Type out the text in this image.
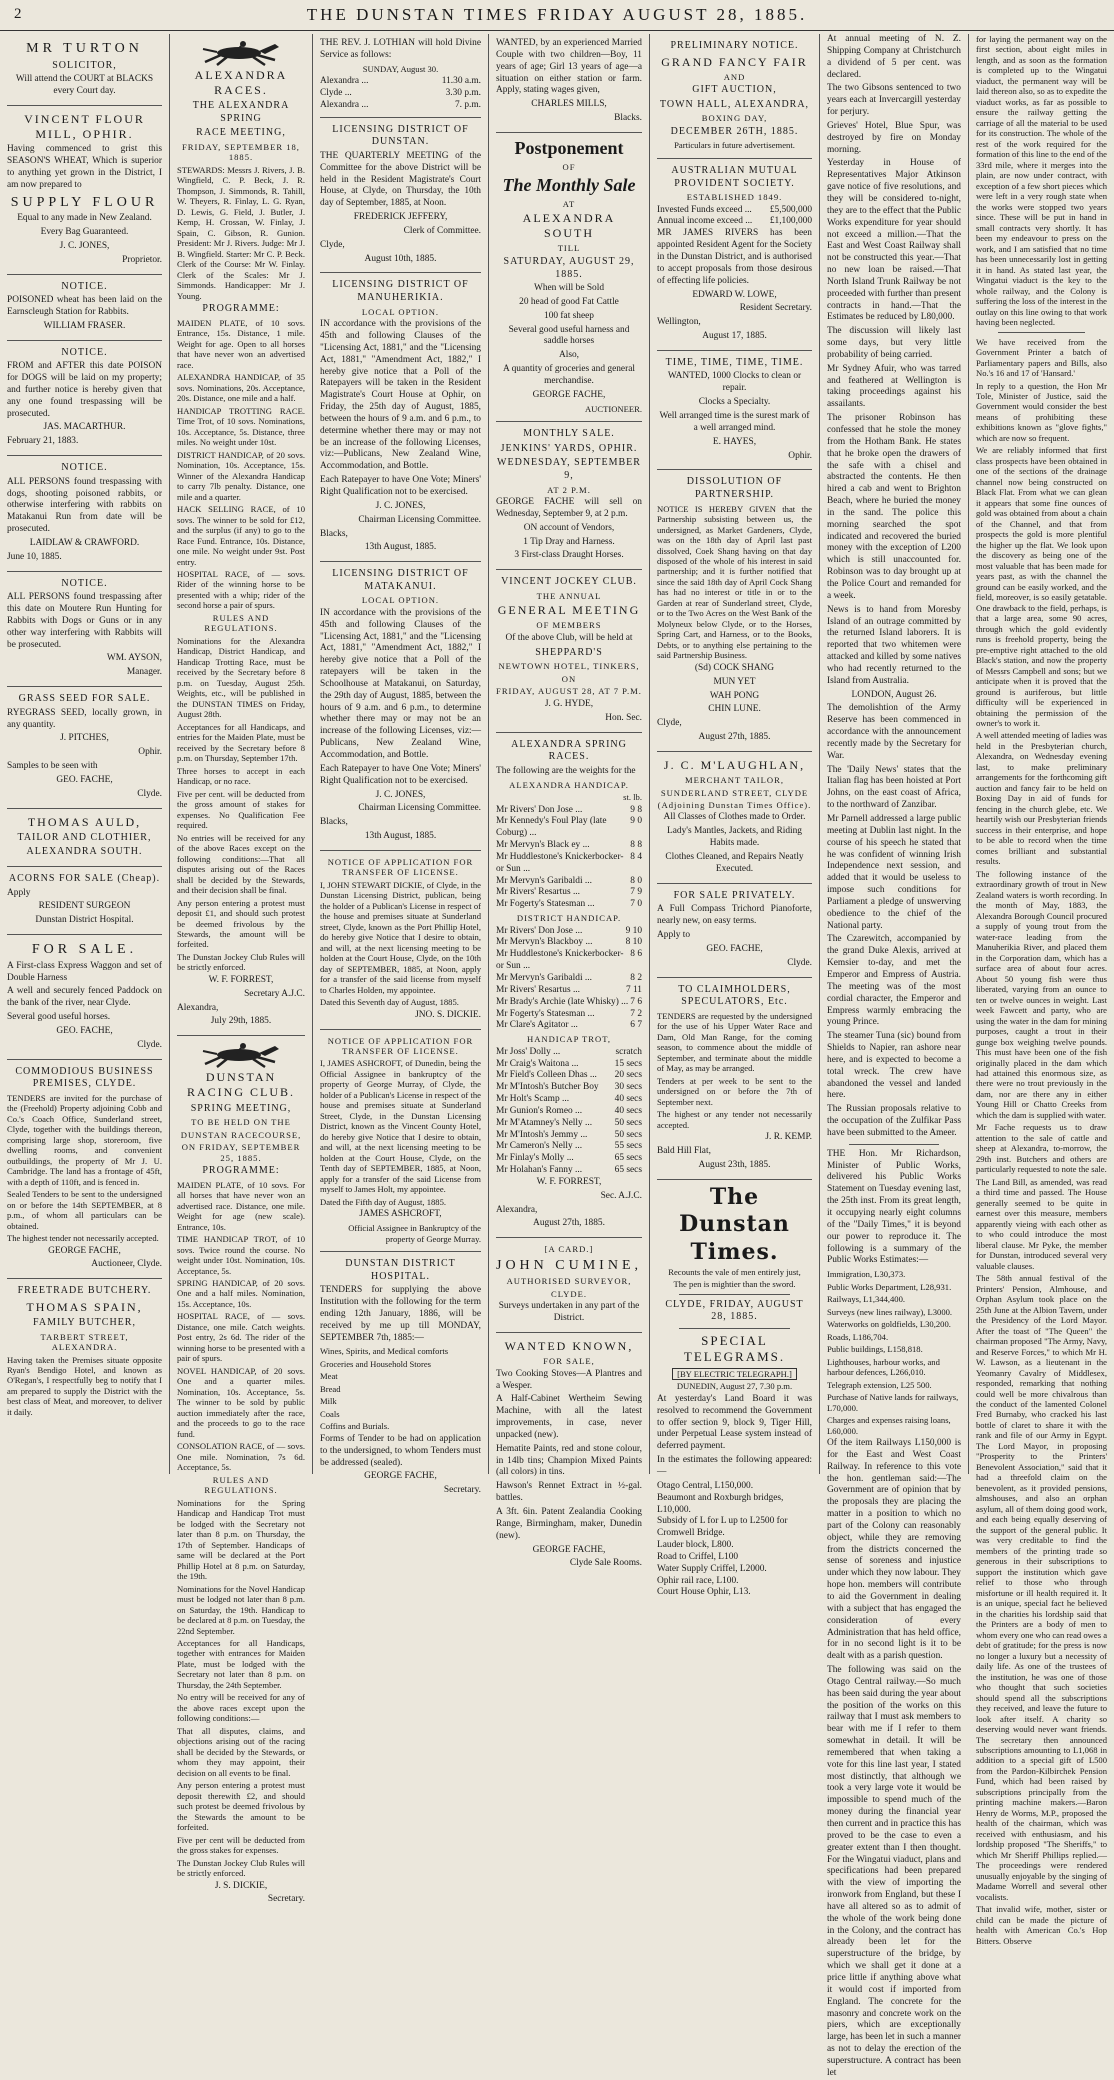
2	THE DUNSTAN TIMES FRIDAY AUGUST 28, 1885.
MR TURTON
SOLICITOR,

Will attend the COURT at BLACKS every Court day.

VINCENT FLOUR MILL, OPHIR.

Having commenced to grist this SEASON'S WHEAT, Which is superior to anything yet grown in the District, I am now prepared to

SUPPLY FLOUR

Equal to any made in New Zealand.

Every Bag Guaranteed.

J. C. JONES,

Proprietor.

NOTICE.

POISONED wheat has been laid on the Earnscleugh Station for Rabbits.

WILLIAM FRASER.

NOTICE.

FROM and AFTER this date POISON for DOGS will be laid on my property; and further notice is hereby given that any one found trespassing will be prosecuted.

JAS. MACARTHUR.

February 21, 1883.

NOTICE.

ALL PERSONS found trespassing with dogs, shooting poisoned rabbits, or otherwise interfering with rabbits on Matakanui Run from date will be prosecuted.

LAIDLAW & CRAWFORD.

June 10, 1885.

NOTICE.

ALL PERSONS found trespassing after this date on Moutere Run Hunting for Rabbits with Dogs or Guns or in any other way interfering with Rabbits will be prosecuted.

WM. AYSON,

Manager.

GRASS SEED FOR SALE.

RYEGRASS SEED, locally grown, in any quantity.

J. PITCHES,

Ophir.

Samples to be seen with

GEO. FACHE,

Clyde.

THOMAS AULD,
TAILOR AND CLOTHIER,
ALEXANDRA SOUTH.
ACORNS FOR SALE (Cheap).

Apply

RESIDENT SURGEON

Dunstan District Hospital.

FOR SALE.

A First-class Express Waggon and set of Double Harness

A well and securely fenced Paddock on the bank of the river, near Clyde.

Several good useful horses.

GEO. FACHE,

Clyde.

COMMODIOUS BUSINESS PREMISES, CLYDE.

TENDERS are invited for the purchase of the (Freehold) Property adjoining Cobb and Co.'s Coach Office, Sunderland street, Clyde, together with the buildings thereon, comprising large shop, storeroom, five dwelling rooms, and convenient outbuildings, the property of Mr J. U. Cambridge. The land has a frontage of 45ft, with a depth of 110ft, and is fenced in.

Sealed Tenders to be sent to the undersigned on or before the 14th SEPTEMBER, at 8 p.m., of whom all particulars can be obtained.

The highest tender not necessarily accepted.

GEORGE FACHE,

Auctioneer, Clyde.

FREETRADE BUTCHERY.
THOMAS SPAIN,
FAMILY BUTCHER,
TARBERT STREET, ALEXANDRA.

Having taken the Premises situate opposite Ryan's Bendigo Hotel, and known as O'Regan's, I respectfully beg to notify that I am prepared to supply the District with the best class of Meat, and moreover, to deliver it daily.

ALEXANDRA RACES.
THE ALEXANDRA SPRING
RACE MEETING,
FRIDAY, SEPTEMBER 18, 1885.

STEWARDS: Messrs J. Rivers, J. B. Wingfield, C. P. Beck, J. R. Thompson, J. Simmonds, R. Tahill, W. Theyers, R. Finlay, L. G. Ryan, D. Lewis, G. Field, J. Butler, J. Kemp, H. Crossan, W. Finlay, J. Spain, C. Gibson, R. Gunion. President: Mr J. Rivers. Judge: Mr J. B. Wingfield. Starter: Mr C. P. Beck. Clerk of the Course: Mr W. Finlay. Clerk of the Scales: Mr J. Simmonds. Handicapper: Mr J. Young.

PROGRAMME:

MAIDEN PLATE, of 10 sovs. Entrance, 15s. Distance, 1 mile. Weight for age. Open to all horses that have never won an advertised race.

ALEXANDRA HANDICAP, of 35 sovs. Nominations, 20s. Acceptance, 20s. Distance, one mile and a half.

HANDICAP TROTTING RACE. Time Trot, of 10 sovs. Nominations, 10s. Acceptance, 5s. Distance, three miles. No weight under 10st.

DISTRICT HANDICAP, of 20 sovs. Nomination, 10s. Acceptance, 15s. Winner of the Alexandra Handicap to carry 7lb penalty. Distance, one mile and a quarter.

HACK SELLING RACE, of 10 sovs. The winner to be sold for £12, and the surplus (if any) to go to the Race Fund. Entrance, 10s. Distance, one mile. No weight under 9st. Post entry.

HOSPITAL RACE, of — sovs. Rider of the winning horse to be presented with a whip; rider of the second horse a pair of spurs.

RULES AND REGULATIONS.

Nominations for the Alexandra Handicap, District Handicap, and Handicap Trotting Race, must be received by the Secretary before 8 p.m. on Tuesday, August 25th. Weights, etc., will be published in the DUNSTAN TIMES on Friday, August 28th.

Acceptances for all Handicaps, and entries for the Maiden Plate, must be received by the Secretary before 8 p.m. on Thursday, September 17th.

Three horses to accept in each Handicap, or no race.

Five per cent. will be deducted from the gross amount of stakes for expenses. No Qualification Fee required.

No entries will be received for any of the above Races except on the following conditions:—That all disputes arising out of the Races shall be decided by the Stewards, and their decision shall be final.

Any person entering a protest must deposit £1, and should such protest be deemed frivolous by the Stewards, the amount will be forfeited.

The Dunstan Jockey Club Rules will be strictly enforced.

W. F. FORREST,

Secretary A.J.C.

Alexandra,

July 29th, 1885.

DUNSTAN RACING CLUB.
SPRING MEETING,
TO BE HELD ON THE
DUNSTAN RACECOURSE,
ON FRIDAY, SEPTEMBER 25, 1885.
PROGRAMME:

MAIDEN PLATE, of 10 sovs. For all horses that have never won an advertised race. Distance, one mile. Weight for age (new scale). Entrance, 10s.

TIME HANDICAP TROT, of 10 sovs. Twice round the course. No weight under 10st. Nomination, 10s. Acceptance, 5s.

SPRING HANDICAP, of 20 sovs. One and a half miles. Nomination, 15s. Acceptance, 10s.

HOSPITAL RACE, of — sovs. Distance, one mile. Catch weights. Post entry, 2s 6d. The rider of the winning horse to be presented with a pair of spurs.

NOVEL HANDICAP, of 20 sovs. One and a quarter miles. Nomination, 10s. Acceptance, 5s. The winner to be sold by public auction immediately after the race, and the proceeds to go to the race fund.

CONSOLATION RACE, of — sovs. One mile. Nomination, 7s 6d. Acceptance, 5s.

RULES AND REGULATIONS.

Nominations for the Spring Handicap and Handicap Trot must be lodged with the Secretary not later than 8 p.m. on Thursday, the 17th of September. Handicaps of same will be declared at the Port Phillip Hotel at 8 p.m. on Saturday, the 19th.

Nominations for the Novel Handicap must be lodged not later than 8 p.m. on Saturday, the 19th. Handicap to be declared at 8 p.m. on Tuesday, the 22nd September.

Acceptances for all Handicaps, together with entrances for Maiden Plate, must be lodged with the Secretary not later than 8 p.m. on Thursday, the 24th September.

No entry will be received for any of the above races except upon the following conditions:—

That all disputes, claims, and objections arising out of the racing shall be decided by the Stewards, or whom they may appoint, their decision on all events to be final.

Any person entering a protest must deposit therewith £2, and should such protest be deemed frivolous by the Stewards the amount to be forfeited.

Five per cent will be deducted from the gross stakes for expenses.

The Dunstan Jockey Club Rules will be strictly enforced.

J. S. DICKIE,

Secretary.

THE REV. J. LOTHIAN will hold Divine Service as follows:

SUNDAY, August 30.

Alexandra ...	11.30 a.m.
Clyde ...	3.30 p.m.
Alexandra ...	7. p.m.
LICENSING DISTRICT OF DUNSTAN.

THE QUARTERLY MEETING of the Committee for the above District will be held in the Resident Magistrate's Court House, at Clyde, on Thursday, the 10th day of September, 1885, at Noon.

FREDERICK JEFFERY,

Clerk of Committee.

Clyde,

August 10th, 1885.

LICENSING DISTRICT OF MANUHERIKIA.
LOCAL OPTION.

IN accordance with the provisions of the 45th and following Clauses of the "Licensing Act, 1881," and the "Licensing Act, 1881," "Amendment Act, 1882," I hereby give notice that a Poll of the Ratepayers will be taken in the Resident Magistrate's Court House at Ophir, on Friday, the 25th day of August, 1885, between the hours of 9 a.m. and 6 p.m., to determine whether there may or may not be an increase of the following Licenses, viz:—Publicans, New Zealand Wine, Accommodation, and Bottle.

Each Ratepayer to have One Vote; Miners' Right Qualification not to be exercised.

J. C. JONES,

Chairman Licensing Committee.

Blacks,

13th August, 1885.

LICENSING DISTRICT OF MATAKANUI.
LOCAL OPTION.

IN accordance with the provisions of the 45th and following Clauses of the "Licensing Act, 1881," and the "Licensing Act, 1881," "Amendment Act, 1882," I hereby give notice that a Poll of the ratepayers will be taken in the Schoolhouse at Matakanui, on Saturday, the 29th day of August, 1885, between the hours of 9 a.m. and 6 p.m., to determine whether there may or may not be an increase of the following Licenses, viz:—Publicans, New Zealand Wine, Accommodation, and Bottle.

Each Ratepayer to have One Vote; Miners' Right Qualification not to be exercised.

J. C. JONES,

Chairman Licensing Committee.

Blacks,

13th August, 1885.

NOTICE OF APPLICATION FOR TRANSFER OF LICENSE.

I, JOHN STEWART DICKIE, of Clyde, in the Dunstan Licensing District, publican, being the holder of a Publican's License in respect of the house and premises situate at Sunderland street, Clyde, known as the Port Phillip Hotel, do hereby give Notice that I desire to obtain, and will, at the next licensing meeting to be holden at the Court House, Clyde, on the 10th day of SEPTEMBER, 1885, at Noon, apply for a transfer of the said license from myself to Charles Holden, my appointee.

Dated this Seventh day of August, 1885.

JNO. S. DICKIE.

NOTICE OF APPLICATION FOR TRANSFER OF LICENSE.

I, JAMES ASHCROFT, of Dunedin, being the Official Assignee in bankruptcy of the property of George Murray, of Clyde, the holder of a Publican's License in respect of the house and premises situate at Sunderland Street, Clyde, in the Dunstan Licensing District, known as the Vincent County Hotel, do hereby give Notice that I desire to obtain, and will, at the next licensing meeting to be holden at the Court House, Clyde, on the Tenth day of SEPTEMBER, 1885, at Noon, apply for a transfer of the said License from myself to James Holt, my appointee.

Dated the Fifth day of August, 1885.

JAMES ASHCROFT,

Official Assignee in Bankruptcy of the property of George Murray.

DUNSTAN DISTRICT HOSPITAL.

TENDERS for supplying the above Institution with the following for the term ending 12th January, 1886, will be received by me up till MONDAY, SEPTEMBER 7th, 1885:—

Wines, Spirits, and Medical comforts

Groceries and Household Stores

Meat

Bread

Milk

Coals

Coffins and Burials.

Forms of Tender to be had on application to the undersigned, to whom Tenders must be addressed (sealed).

GEORGE FACHE,

Secretary.

WANTED, by an experienced Married Couple with two children—Boy, 11 years of age; Girl 13 years of age—a situation on either station or farm. Apply, stating wages given,

CHARLES MILLS,

Blacks.

Postponement
OF
The Monthly Sale
AT
ALEXANDRA SOUTH
TILL
SATURDAY, AUGUST 29, 1885.

When will be Sold

20 head of good Fat Cattle

100 fat sheep

Several good useful harness and saddle horses

Also,

A quantity of groceries and general merchandise.

GEORGE FACHE,

AUCTIONEER.

MONTHLY SALE.
JENKINS' YARDS, OPHIR.
WEDNESDAY, SEPTEMBER 9,
AT 2 P.M.

GEORGE FACHE will sell on Wednesday, September 9, at 2 p.m.

ON account of Vendors,

1 Tip Dray and Harness.

3 First-class Draught Horses.

VINCENT JOCKEY CLUB.
THE ANNUAL
GENERAL MEETING
OF MEMBERS

Of the above Club, will be held at

SHEPPARD'S
NEWTOWN HOTEL, TINKERS,
ON
FRIDAY, AUGUST 28, AT 7 P.M.

J. G. HYDE,

Hon. Sec.

ALEXANDRA SPRING RACES.

The following are the weights for the

ALEXANDRA HANDICAP.

st. lb.

Mr Rivers' Don Jose ...	9 8
Mr Kennedy's Foul Play (late Coburg) ...
9 0
Mr Mervyn's Black ey ...	8 8
Mr Huddlestone's Knickerbocker-or Sun ...
8 4
Mr Mervyn's Garibaldi ...	8 0
Mr Rivers' Resartus ...	7 9
Mr Fogerty's Statesman ...	7 0
DISTRICT HANDICAP.
Mr Rivers' Don Jose ...	9 10
Mr Mervyn's Blackboy ...	8 10
Mr Huddlestone's Knickerbocker-or Sun ...
8 6
Mr Mervyn's Garibaldi ...	8 2
Mr Rivers' Resartus ...	7 11
Mr Brady's Archie (late Whisky) ... 7 6
Mr Fogerty's Statesman ...	7 2
Mr Clare's Agitator ...	6 7
HANDICAP TROT,
Mr Joss' Dolly ...	scratch
Mr Craig's Waitona ...	15 secs
Mr Field's Colleen Dhas ... 20 secs
Mr M'Intosh's Butcher Boy 30 secs
Mr Holt's Scamp ...	40 secs
Mr Gunion's Romeo ...	40 secs
Mr M'Atamney's Nelly ... 50 secs
Mr M'Intosh's Jemmy ...	50 secs
Mr Cameron's Nelly ...	55 secs
Mr Finlay's Molly ...	65 secs
Mr Holahan's Fanny ...	65 secs

W. F. FORREST,

Sec. A.J.C.

Alexandra,

August 27th, 1885.

[A CARD.]
JOHN CUMINE,
AUTHORISED SURVEYOR,
CLYDE.

Surveys undertaken in any part of the District.

WANTED KNOWN,
FOR SALE,

Two Cooking Stoves—A Plantres and a Wesper.

A Half-Cabinet Wertheim Sewing Machine, with all the latest improvements, in case, never unpacked (new).

Hematite Paints, red and stone colour, in 14lb tins; Champion Mixed Paints (all colors) in tins.

Hawson's Rennet Extract in ½-gal. battles.

A 3ft. 6in. Patent Zealandia Cooking Range, Birmingham, maker, Dunedin (new).

GEORGE FACHE,

Clyde Sale Rooms.

PRELIMINARY NOTICE.
GRAND FANCY FAIR
AND
GIFT AUCTION,
TOWN HALL, ALEXANDRA,
BOXING DAY,
DECEMBER 26TH, 1885.

Particulars in future advertisement.

AUSTRALIAN MUTUAL PROVIDENT SOCIETY.
ESTABLISHED 1849.
Invested Funds exceed ... £5,500,000
Annual income exceed ... £1,100,000

MR JAMES RIVERS has been appointed Resident Agent for the Society in the Dunstan District, and is authorised to accept proposals from those desirous of effecting life policies.

EDWARD W. LOWE,

Resident Secretary.

Wellington,

August 17, 1885.

TIME, TIME, TIME, TIME.

WANTED, 1000 Clocks to clean or repair.

Clocks a Specialty.

Well arranged time is the surest mark of a well arranged mind.

E. HAYES,

Ophir.

DISSOLUTION OF PARTNERSHIP.

NOTICE IS HEREBY GIVEN that the Partnership subsisting between us, the undersigned, as Market Gardeners, Clyde, was on the 18th day of April last past dissolved, Coek Shang having on that day disposed of the whole of his interest in said partnership; and it is further notified that since the said 18th day of April Cock Shang has had no interest or title in or to the Garden at rear of Sunderland street, Clyde, or to the Two Acres on the West Bank of the Molyneux below Clyde, or to the Horses, Spring Cart, and Harness, or to the Books, Debts, or to anything else pertaining to the said Partnership Business.

(Sd) COCK SHANG

MUN YET

WAH PONG

CHIN LUNE.

Clyde,

August 27th, 1885.

J. C. M'LAUGHLAN,
MERCHANT TAILOR,
SUNDERLAND STREET, CLYDE
(Adjoining Dunstan Times Office).

All Classes of Clothes made to Order.

Lady's Mantles, Jackets, and Riding Habits made.

Clothes Cleaned, and Repairs Neatly Executed.

FOR SALE PRIVATELY.

A Full Compass Trichord Pianoforte, nearly new, on easy terms.

Apply to

GEO. FACHE,

Clyde.

TO CLAIMHOLDERS, SPECULATORS, Etc.

TENDERS are requested by the undersigned for the use of his Upper Water Race and Dam, Old Man Range, for the coming season, to commence about the middle of September, and terminate about the middle of May, as may be arranged.

Tenders at per week to be sent to the undersigned on or before the 7th of September next.

The highest or any tender not necessarily accepted.

J. R. KEMP.

Bald Hill Flat,

August 23th, 1885.

The Dunstan Times.

Recounts the vale of men entirely just,

The pen is mightier than the sword.

CLYDE, FRIDAY, AUGUST 28, 1885.
SPECIAL TELEGRAMS.
[BY ELECTRIC TELEGRAPH.]

DUNEDIN, August 27, 7.30 p.m.

At yesterday's Land Board it was resolved to recommend the Government to offer section 9, block 9, Tiger Hill, under Perpetual Lease system instead of deferred payment.

In the estimates the following appeared:—

Otago Central, L150,000.
Beaumont and Roxburgh bridges, L10,000.
Subsidy of L for L up to L2500 for Cromwell Bridge.
Lauder block, L800.
Road to Criffel, L100
Water Supply Criffel, L2000.
Ophir rail race, L100.
Court House Ophir, L13.

At annual meeting of N. Z. Shipping Company at Christchurch a dividend of 5 per cent. was declared.

The two Gibsons sentenced to two years each at Invercargill yesterday for perjury.

Grieves' Hotel, Blue Spur, was destroyed by fire on Monday morning.

Yesterday in House of Representatives Major Atkinson gave notice of five resolutions, and they will be considered to-night, they are to the effect that the Public Works expenditure for year should not exceed a million.—That the East and West Coast Railway shall not be constructed this year.—That no new loan be raised.—That North Island Trunk Railway be not proceeded with further than present contracts in hand.—That the Estimates be reduced by L80,000.

The discussion will likely last some days, but very little probability of being carried.

Mr Sydney Afuir, who was tarred and feathered at Wellington is taking proceedings against his assailants.

The prisoner Robinson has confessed that he stole the money from the Hotham Bank. He states that he broke open the drawers of the safe with a chisel and abstracted the contents. He then hired a cab and went to Brighton Beach, where he buried the money in the sand. The police this morning searched the spot indicated and recovered the buried money with the exception of L200 which is still unaccounted for. Robinson was to day brought up at the Police Court and remanded for a week.

News is to hand from Moresby Island of an outrage committed by the returned Island laborers. It is reported that two whitemen were attacked and killed by some natives who had recently returned to the Island from Australia.

LONDON, August 26.

The demolishtion of the Army Reserve has been commenced in accordance with the announcement recently made by the Secretary for War.

The 'Daily News' states that the Italian flag has been hoisted at Port Johns, on the east coast of Africa, to the northward of Zanzibar.

Mr Parnell addressed a large public meeting at Dublin last night. In the course of his speech he stated that he was confident of winning Irish Independence next session, and added that it would be useless to impose such conditions for Parliament a pledge of unswerving obedience to the chief of the National party.

The Czarewitch, accompanied by the grand Duke Alexis, arrived at Kemsier to-day, and met the Emperor and Empress of Austria. The meeting was of the most cordial character, the Emperor and Empress warmly embracing the young Prince.

The steamer Tuna (sic) bound from Shields to Napier, ran ashore near here, and is expected to become a total wreck. The crew have abandoned the vessel and landed here.

The Russian proposals relative to the occupation of the Zulfikar Pass have been submitted to the Ameer.

THE Hon. Mr Richardson, Minister of Public Works, delivered his Public Works Statement on Tuesday evening last, the 25th inst. From its great length, it occupying nearly eight columns of the "Daily Times," it is beyond our power to reproduce it. The following is a summary of the Public Works Estimates:—

Immigration, L30,373.

Public Works Department, L28,931.

Railways, L1,344,400.

Surveys (new lines railway), L3000.

Waterworks on goldfields, L30,200.

Roads, L186,704.

Public buildings, L158,818.

Lighthouses, harbour works, and harbour defences, L266,010.

Telegraph extension, L25 500.

Purchase of Native lands for railways, L70,000.

Charges and expenses raising loans, L60,000.

Of the item Railways L150,000 is for the East and West Coast Railway. In reference to this vote the hon. gentleman said:—The Government are of opinion that by the proposals they are placing the matter in a position to which no part of the Colony can reasonably object, while they are removing from the districts concerned the sense of soreness and injustice under which they now labour. They hope hon. members will contribute to aid the Government in dealing with a subject that has engaged the consideration of every Administration that has held office, for in no second light is it to be dealt with as a parish question.

The following was said on the Otago Central railway.—So much has been said during the year about the position of the works on this railway that I must ask members to bear with me if I refer to them somewhat in detail. It will be remembered that when taking a vote for this line last year, I stated most distinctly, that although we took a very large vote it would be impossible to spend much of the money during the financial year then current and in practice this has proved to be the case to even a greater extent than I then thought. For the Wingatui viaduct, plans and specifications had been prepared with the view of importing the ironwork from England, but these I have all altered so as to admit of the whole of the work being done in the Colony, and the contract has already been let for the superstructure of the bridge, by which we shall get it done at a price little if anything above what it would cost if imported from England. The concrete for the masonry and concrete work on the piers, which are exceptionally large, has been let in such a manner as not to delay the erection of the superstructure. A contract has been let

for laying the permanent way on the first section, about eight miles in length, and as soon as the formation is completed up to the Wingatui viaduct, the permanent way will be laid thereon also, so as to expedite the viaduct works, as far as possible to ensure the railway getting the carriage of all the material to be used for its construction. The whole of the rest of the work required for the formation of this line to the end of the 33rd mile, where it merges into the plain, are now under contract, with exception of a few short pieces which were left in a very rough state when the works were stopped two years since. These will be put in hand in small contracts very shortly. It has been my endeavour to press on the work, and I am satisfied that no time has been unnecessarily lost in getting it in hand. As stated last year, the Wingatui viaduct is the key to the whole railway, and the Colony is suffering the loss of the interest in the outlay on this line owing to that work having been neglected.

We have received from the Government Printer a batch of Parliamentary papers and Bills, also No.'s 16 and 17 of 'Hansard.'

In reply to a question, the Hon Mr Tole, Minister of Justice, said the Government would consider the best means of prohibiting these exhibitions known as "glove fights," which are now so frequent.

We are reliably informed that first class prospects have been obtained in one of the sections of the drainage channel now being constructed on Black Flat. From what we can glean it appears that some fine ounces of gold was obtained from about a chain of the Channel, and that from prospects the gold is more plentiful the higher up the flat. We look upon the discovery as being one of the most valuable that has been made for years past, as with the channel the ground can be easily worked, and the field, moreover, is so easily getatable. One drawback to the field, perhaps, is that a large area, some 90 acres, through which the gold evidently runs is freehold property, being the pre-emptive right attached to the old Black's station, and now the property of Messrs Campbell and sons; but we anticipate when it is proved that the ground is auriferous, but little difficulty will be experienced in obtaining the permission of the owner's to work it.

A well attended meeting of ladies was held in the Presbyterian church, Alexandra, on Wednesday evening last, to make preliminary arrangements for the forthcoming gift auction and fancy fair to be held on Boxing Day in aid of funds for fencing in the church glebe, etc. We heartily wish our Presbyterian friends success in their enterprise, and hope to be able to record when the time comes brilliant and substantial results.

The following instance of the extraordinary growth of trout in New Zealand waters is worth recording. In the month of May, 1883, the Alexandra Borough Council procured a supply of young trout from the water-race leading from the Manuherikia River, and placed them in the Corporation dam, which has a surface area of about four acres. About 50 young fish were thus liberated, varying from an ounce to ten or twelve ounces in weight. Last week Fawcett and party, who are using the water in the dam for mining purposes, caught a trout in their gunge box weighing twelve pounds. This must have been one of the fish originally placed in the dam which had attained this enormous size, as there were no trout previously in the dam, nor are there any in either Young Hill or Chatto Creeks from which the dam is supplied with water.

Mr Fache requests us to draw attention to the sale of cattle and sheep at Alexandra, to-morrow, the 29th inst. Butchers and others are particularly requested to note the sale.

The Land Bill, as amended, was read a third time and passed. The House generally seemed to be quite in earnest over this measure, members apparently vieing with each other as to who could introduce the most liberal clause. Mr Pyke, the member for Dunstan, introduced several very valuable clauses.

The 58th annual festival of the Printers' Pension, Almhouse, and Orphan Asylum took place on the 25th June at the Albion Tavern, under the Presidency of the Lord Mayor. After the toast of "The Queen" the chairman proposed "The Army, Navy, and Reserve Forces," to which Mr H. W. Lawson, as a lieutenant in the Yeomanry Cavalry of Middlesex, responded, remarking that nothing could well be more chivalrous than the conduct of the lamented Colonel Fred Burnaby, who cracked his last bottle of claret to share it with the rank and file of our Army in Egypt. The Lord Mayor, in proposing "Prosperity to the Printers' Benevolent Association," said that it had a threefold claim on the benevolent, as it provided pensions, almshouses, and also an orphan asylum, all of them doing good work, and each being equally deserving of the support of the general public. It was very creditable to find the members of the printing trade so generous in their subscriptions to support the institution which gave relief to those who through misfortune or ill health required it. It is an unique, special fact he believed in the charities his lordship said that the Printers are a body of men to whom every one who can read owes a debt of gratitude; for the press is now no longer a luxury but a necessity of daily life. As one of the trustees of the institution, he was one of those who thought that such societies should spend all the subscriptions they received, and leave the future to look after itself. A charity so deserving would never want friends. The secretary then announced subscriptions amounting to L1,068 in addition to a special gift of L500 from the Pardon-Kilbirchek Pension Fund, which had been raised by subscriptions principally from the printing machine makers.—Baron Henry de Worms, M.P., proposed the health of the chairman, which was received with enthusiasm, and his lordship proposed "The Sheriffs," to which Mr Sheriff Phillips replied.—The proceedings were rendered unusually enjoyable by the singing of Madame Worrell and several other vocalists.

That invalid wife, mother, sister or child can be made the picture of health with American Co.'s Hop Bitters. Observe
